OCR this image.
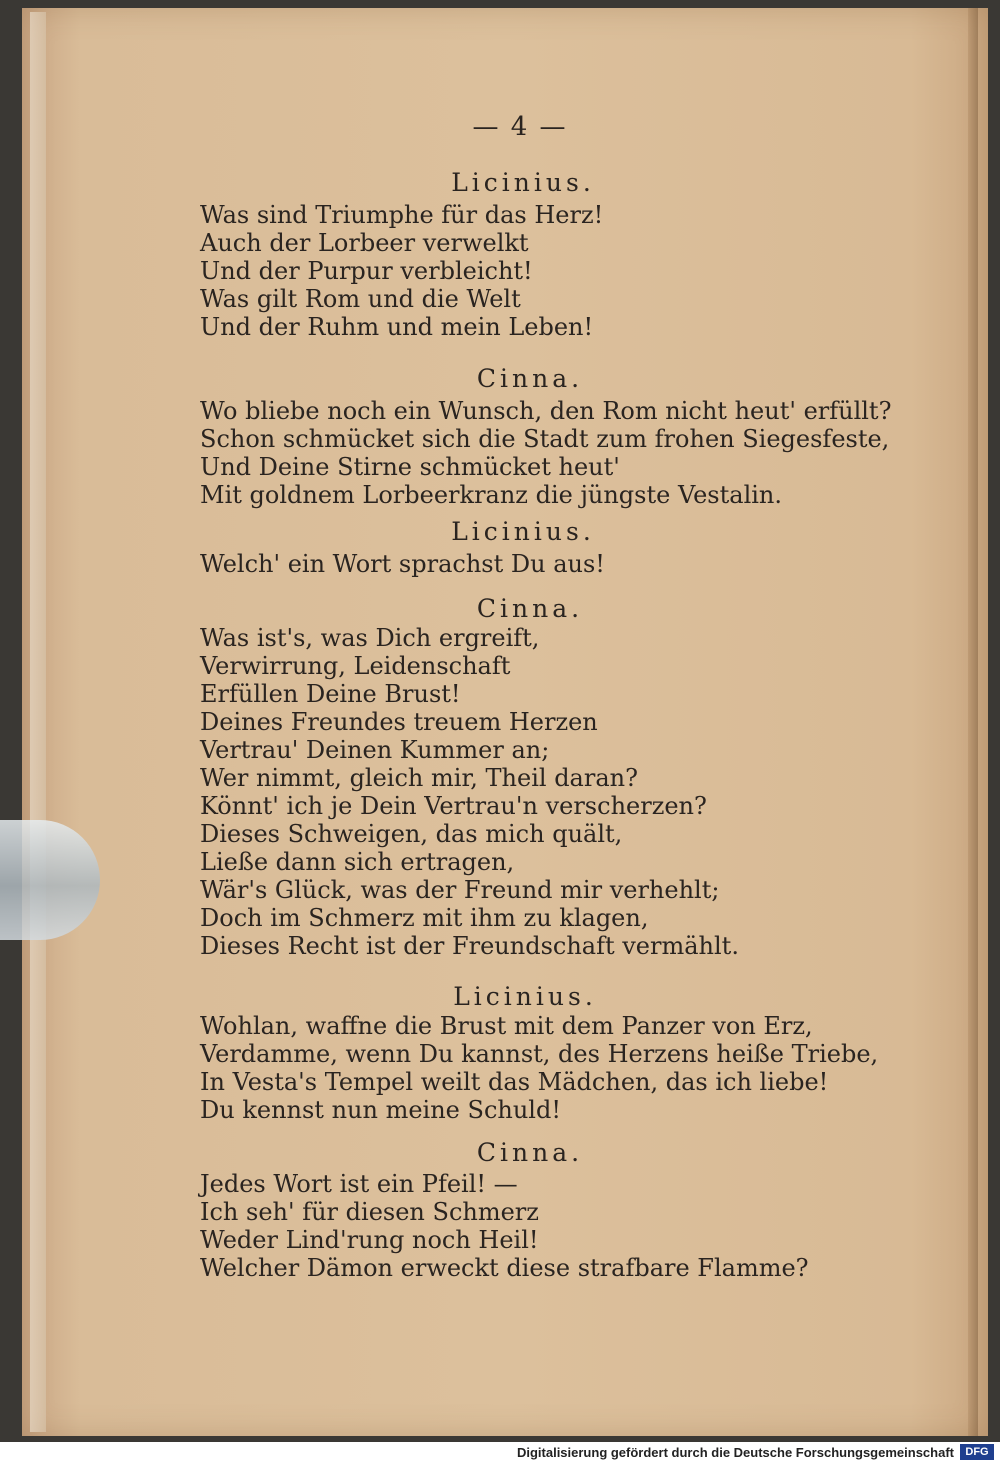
— 4 —
Licinius.
Was sind Triumphe für das Herz!
Auch der Lorbeer verwelkt
Und der Purpur verbleicht!
Was gilt Rom und die Welt
Und der Ruhm und mein Leben!
Cinna.
Wo bliebe noch ein Wunsch, den Rom nicht heut' erfüllt?
Schon schmücket sich die Stadt zum frohen Siegesfeste,
Und Deine Stirne schmücket heut'
Mit goldnem Lorbeerkranz die jüngste Vestalin.
Licinius.
Welch' ein Wort sprachst Du aus!
Cinna.
Was ist's, was Dich ergreift,
Verwirrung, Leidenschaft
Erfüllen Deine Brust!
Deines Freundes treuem Herzen
Vertrau' Deinen Kummer an;
Wer nimmt, gleich mir, Theil daran?
Könnt' ich je Dein Vertrau'n verscherzen?
Dieses Schweigen, das mich quält,
Ließe dann sich ertragen,
Wär's Glück, was der Freund mir verhehlt;
Doch im Schmerz mit ihm zu klagen,
Dieses Recht ist der Freundschaft vermählt.
Licinius.
Wohlan, waffne die Brust mit dem Panzer von Erz,
Verdamme, wenn Du kannst, des Herzens heiße Triebe,
In Vesta's Tempel weilt das Mädchen, das ich liebe!
Du kennst nun meine Schuld!
Cinna.
Jedes Wort ist ein Pfeil! —
Ich seh' für diesen Schmerz
Weder Lind'rung noch Heil!
Welcher Dämon erweckt diese strafbare Flamme?
Digitalisierung gefördert durch die Deutsche Forschungsgemeinschaft	DFG
